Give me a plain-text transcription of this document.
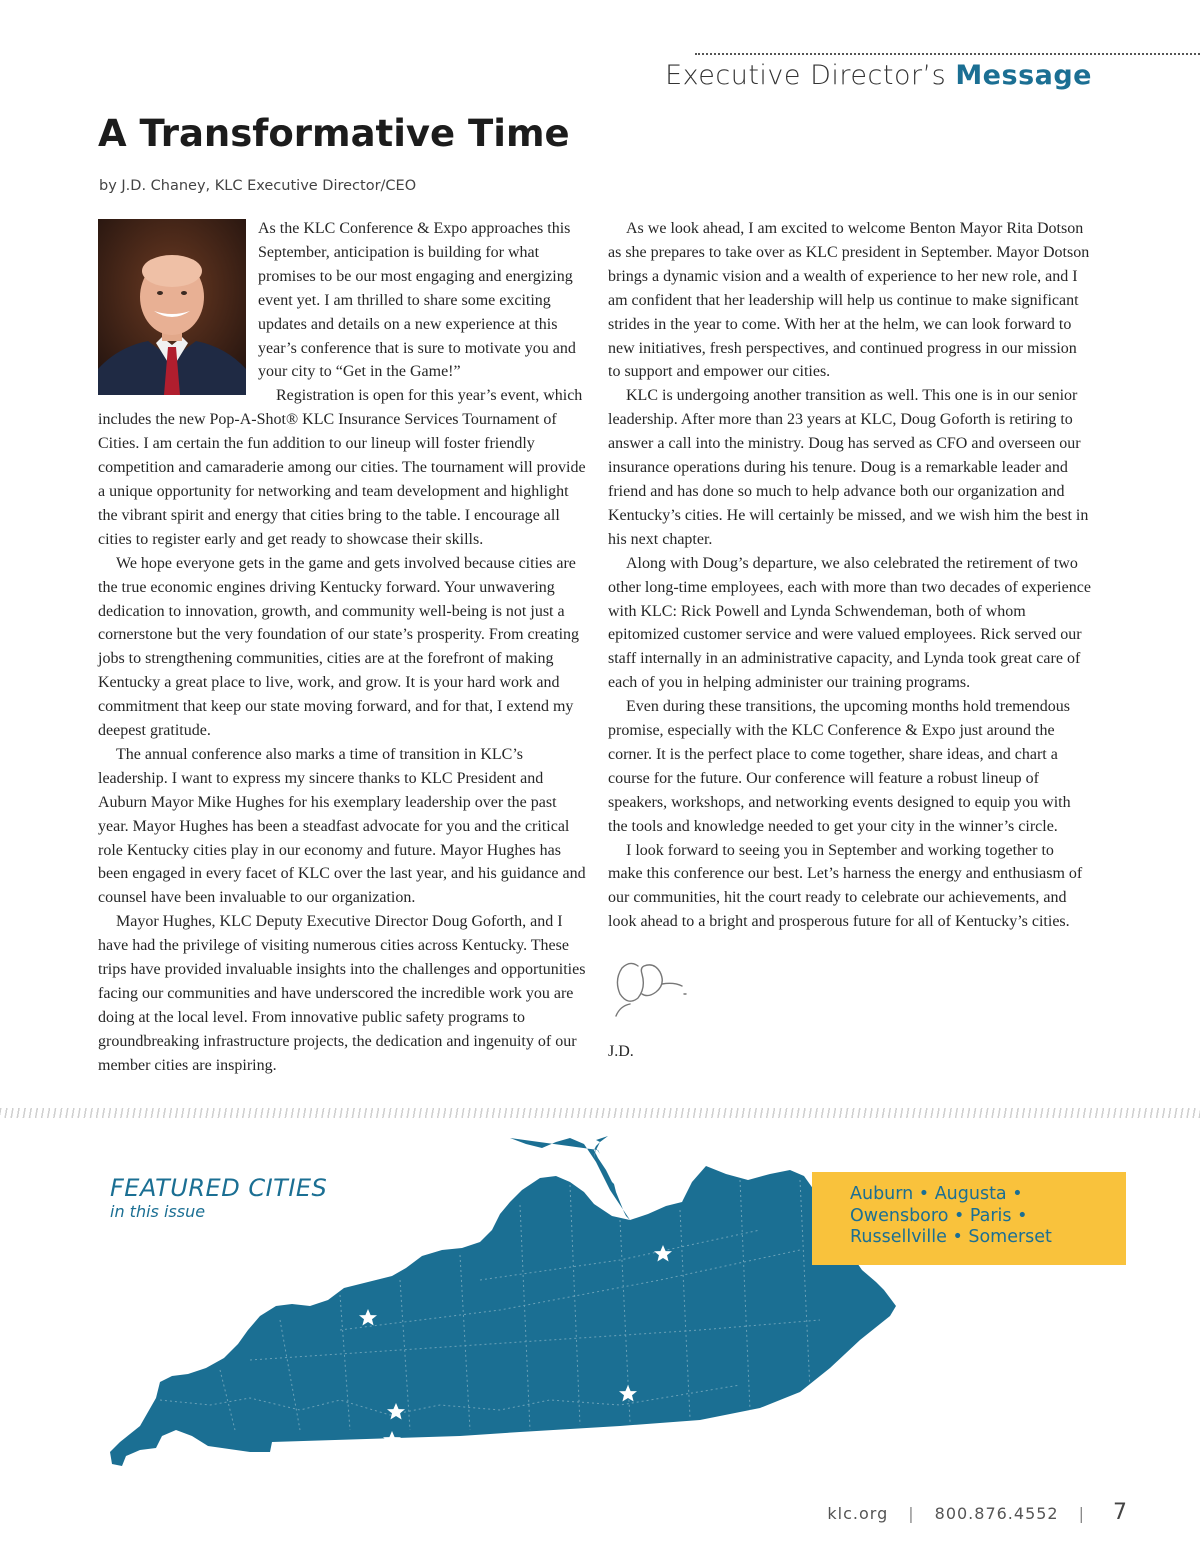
Executive Director’s Message
A Transformative Time
by J.D. Chaney, KLC Executive Director/CEO

As the KLC Conference & Expo approaches this September, anticipation is building for what promises to be our most engaging and energizing event yet. I am thrilled to share some exciting updates and details on a new experience at this year’s conference that is sure to motivate you and your city to “Get in the Game!”

Registration is open for this year’s event, which includes the new Pop-A-Shot® KLC Insurance Services Tournament of Cities. I am certain the fun addition to our lineup will foster friendly competition and camaraderie among our cities. The tournament will provide a unique opportunity for networking and team development and highlight the vibrant spirit and energy that cities bring to the table. I encourage all cities to register early and get ready to showcase their skills.

We hope everyone gets in the game and gets involved because cities are the true economic engines driving Kentucky forward. Your unwavering dedication to innovation, growth, and community well-being is not just a cornerstone but the very foundation of our state’s prosperity. From creating jobs to strengthening communities, cities are at the forefront of making Kentucky a great place to live, work, and grow. It is your hard work and commitment that keep our state moving forward, and for that, I extend my deepest gratitude.

The annual conference also marks a time of transition in KLC’s leadership. I want to express my sincere thanks to KLC President and Auburn Mayor Mike Hughes for his exemplary leadership over the past year. Mayor Hughes has been a steadfast advocate for you and the critical role Kentucky cities play in our economy and future. Mayor Hughes has been engaged in every facet of KLC over the last year, and his guidance and counsel have been invaluable to our organization.

Mayor Hughes, KLC Deputy Executive Director Doug Goforth, and I have had the privilege of visiting numerous cities across Kentucky. These trips have provided invaluable insights into the challenges and opportunities facing our communities and have underscored the incredible work you are doing at the local level. From innovative public safety programs to groundbreaking infrastructure projects, the dedication and ingenuity of our member cities are inspiring.

As we look ahead, I am excited to welcome Benton Mayor Rita Dotson as she prepares to take over as KLC president in September. Mayor Dotson brings a dynamic vision and a wealth of experience to her new role, and I am confident that her leadership will help us continue to make significant strides in the year to come. With her at the helm, we can look forward to new initiatives, fresh perspectives, and continued progress in our mission to support and empower our cities.

KLC is undergoing another transition as well. This one is in our senior leadership. After more than 23 years at KLC, Doug Goforth is retiring to answer a call into the ministry. Doug has served as CFO and overseen our insurance operations during his tenure. Doug is a remarkable leader and friend and has done so much to help advance both our organization and Kentucky’s cities. He will certainly be missed, and we wish him the best in his next chapter.

Along with Doug’s departure, we also celebrated the retirement of two other long-time employees, each with more than two decades of experience with KLC: Rick Powell and Lynda Schwendeman, both of whom epitomized customer service and were valued employees. Rick served our staff internally in an administrative capacity, and Lynda took great care of each of you in helping administer our training programs.

Even during these transitions, the upcoming months hold tremendous promise, especially with the KLC Conference & Expo just around the corner. It is the perfect place to come together, share ideas, and chart a course for the future. Our conference will feature a robust lineup of speakers, workshops, and networking events designed to equip you with the tools and knowledge needed to get your city in the winner’s circle.

I look forward to seeing you in September and working together to make this conference our best. Let’s harness the energy and enthusiasm of our communities, hit the court ready to celebrate our achievements, and look ahead to a bright and prosperous future for all of Kentucky’s cities.

J.D.
FEATURED CITIES
in this issue
Auburn • Augusta •
Owensboro • Paris •
Russellville • Somerset
klc.org | 800.876.4552 | 7
